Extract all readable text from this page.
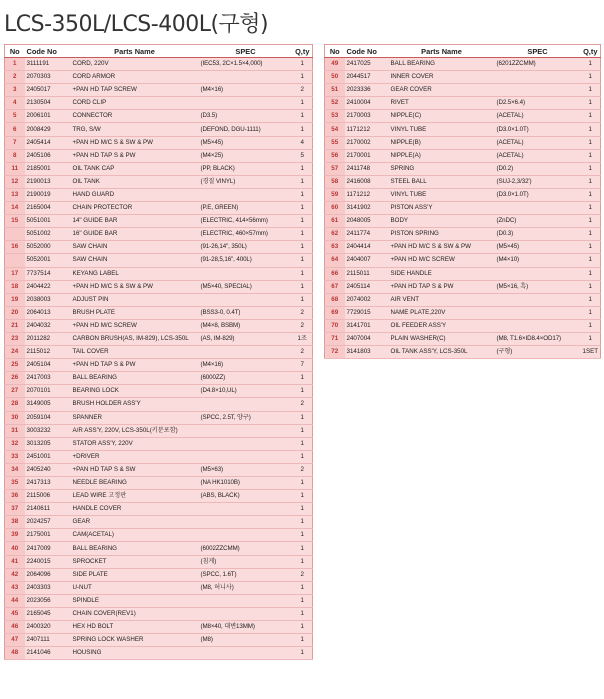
LCS-350L/LCS-400L(구형)
No	Code No	Parts Name	SPEC	Q,ty
1	3111191	CORD, 220V	(IEC53, 2C×1.5×4,000)	1
2	2070303	CORD ARMOR		1
3	2405017	+PAN HD TAP SCREW	(M4×16)	2
4	2130504	CORD CLIP		1
5	2006101	CONNECTOR	(D3.5)	1
6	2008429	TRG, S/W	(DEFOND, DGU-1111)	1
7	2405414	+PAN HD M/C S & SW & PW	(M5×45)	4
8	2405106	+PAN HD TAP S & PW	(M4×25)	5
11	2185001	OIL TANK CAP	(PP, BLACK)	1
12	2190013	OIL TANK	(경질 VINYL)	1
13	2190019	HAND GUARD		1
14	2165004	CHAIN PROTECTOR	(P.E, GREEN)	1
15	5051001	14" GUIDE BAR	(ELECTRIC, 414×56mm)	1
	5051002	16" GUIDE BAR	(ELECTRIC, 460×57mm)	1
16	5052000	SAW CHAIN	(91-26,14", 350L)	1
	5052001	SAW CHAIN	(91-28,5,16", 400L)	1
17	7737514	KEYANG LABEL		1
18	2404422	+PAN HD M/C S & SW & PW	(M5×40, SPECIAL)	1
19	2038003	ADJUST PIN		1
20	2064013	BRUSH PLATE	(BSS3-0, 0.4T)	2
21	2404032	+PAN HD M/C SCREW	(M4×8, BSBM)	2
23	2011282	CARBON BRUSH(AS, IM-829), LCS-350L	(AS, IM-829)	1조
24	2115012	TAIL COVER		2
25	2405104	+PAN HD TAP S & PW	(M4×16)	7
26	2417003	BALL BEARING	(6000ZZ)	1
27	2070101	BEARING LOCK	(D4.8×10,UL)	1
28	3149005	BRUSH HOLDER ASS'Y		2
30	2059104	SPANNER	(SPCC, 2.5T, 양구)	1
31	3003232	A/R ASS'Y, 220V, LCS-350L(키분포함)		1
32	3013205	STATOR ASS'Y, 220V		1
33	2451001	+DRIVER		1
34	2405240	+PAN HD TAP S & SW	(M5×63)	2
35	2417313	NEEDLE BEARING	(NA HK1010B)	1
36	2115006	LEAD WIRE 고정판	(ABS, BLACK)	1
37	2140611	HANDLE COVER		1
38	2024257	GEAR		1
39	2175001	CAM(ACETAL)		1
40	2417009	BALL BEARING	(6002ZZCMM)	1
41	2240015	SPROCKET	(침게)	1
42	2064096	SIDE PLATE	(SPCC, 1.6T)	2
43	2403303	U-NUT	(M8, 허니사)	1
44	2023056	SPINDLE		1
45	2165045	CHAIN COVER(REV1)		1
46	2400320	HEX HD BOLT	(M8×40, 대변13MM)	1
47	2407111	SPRING LOCK WASHER	(M8)	1
48	2141046	HOUSING		1
No	Code No	Parts Name	SPEC	Q,ty
49	2417025	BALL BEARING	(6201ZZCMM)	1
50	2044517	INNER COVER		1
51	2023336	GEAR COVER		1
52	2410004	RIVET	(D2.5×6.4)	1
53	2170003	NIPPLE(C)	(ACETAL)	1
54	1171212	VINYL TUBE	(D3.0×1.0T)	1
55	2170002	NIPPLE(B)	(ACETAL)	1
56	2170001	NIPPLE(A)	(ACETAL)	1
57	2411748	SPRING	(D0.2)	1
58	2416008	STEEL BALL	(SUJ-2,3/32')	1
59	1171212	VINYL TUBE	(D3.0×1.0T)	1
60	3141902	PISTON ASS'Y		1
61	2048005	BODY	(ZnDC)	1
62	2411774	PISTON SPRING	(D0.3)	1
63	2404414	+PAN HD M/C S & SW & PW	(M5×45)	1
64	2404007	+PAN HD M/C SCREW	(M4×10)	1
66	2115011	SIDE HANDLE		1
67	2405114	+PAN HD TAP S & PW	(M5×16, 흑)	1
68	2074002	AIR VENT		1
69	7729015	NAME PLATE,220V		1
70	3141701	OIL FEEDER ASS'Y		1
71	2407004	PLAIN WASHER(C)	(M8, T1.6×ID8.4×OD17)	1
72	3141803	OIL TANK ASS'Y, LCS-350L	(구형)	1SET
